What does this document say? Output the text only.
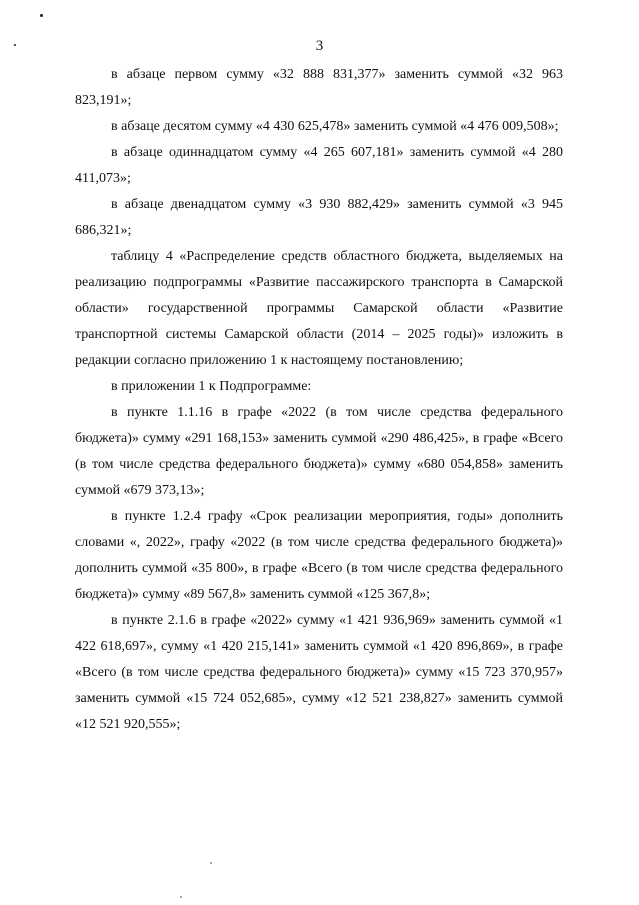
3

в абзаце первом сумму «32 888 831,377» заменить суммой «32 963 823,191»;

в абзаце десятом сумму «4 430 625,478» заменить суммой «4 476 009,508»;

в абзаце одиннадцатом сумму «4 265 607,181» заменить суммой «4 280 411,073»;

в абзаце двенадцатом сумму «3 930 882,429» заменить суммой «3 945 686,321»;

таблицу 4 «Распределение средств областного бюджета, выделяемых на реализацию подпрограммы «Развитие пассажирского транспорта в Самарской области» государственной программы Самарской области «Развитие транспортной системы Самарской области (2014 – 2025 годы)» изложить в редакции согласно приложению 1 к настоящему постановлению;

в приложении 1 к Подпрограмме:

в пункте 1.1.16 в графе «2022 (в том числе средства федерального бюджета)» сумму «291 168,153» заменить суммой «290 486,425», в графе «Всего (в том числе средства федерального бюджета)» сумму «680 054,858» заменить суммой «679 373,13»;

в пункте 1.2.4 графу «Срок реализации мероприятия, годы» дополнить словами «, 2022», графу «2022 (в том числе средства федерального бюджета)» дополнить суммой «35 800», в графе «Всего (в том числе средства федерального бюджета)» сумму «89 567,8» заменить суммой «125 367,8»;

в пункте 2.1.6 в графе «2022» сумму «1 421 936,969» заменить суммой «1 422 618,697», сумму «1 420 215,141» заменить суммой «1 420 896,869», в графе «Всего (в том числе средства федерального бюджета)» сумму «15 723 370,957» заменить суммой «15 724 052,685», сумму «12 521 238,827» заменить суммой «12 521 920,555»;
